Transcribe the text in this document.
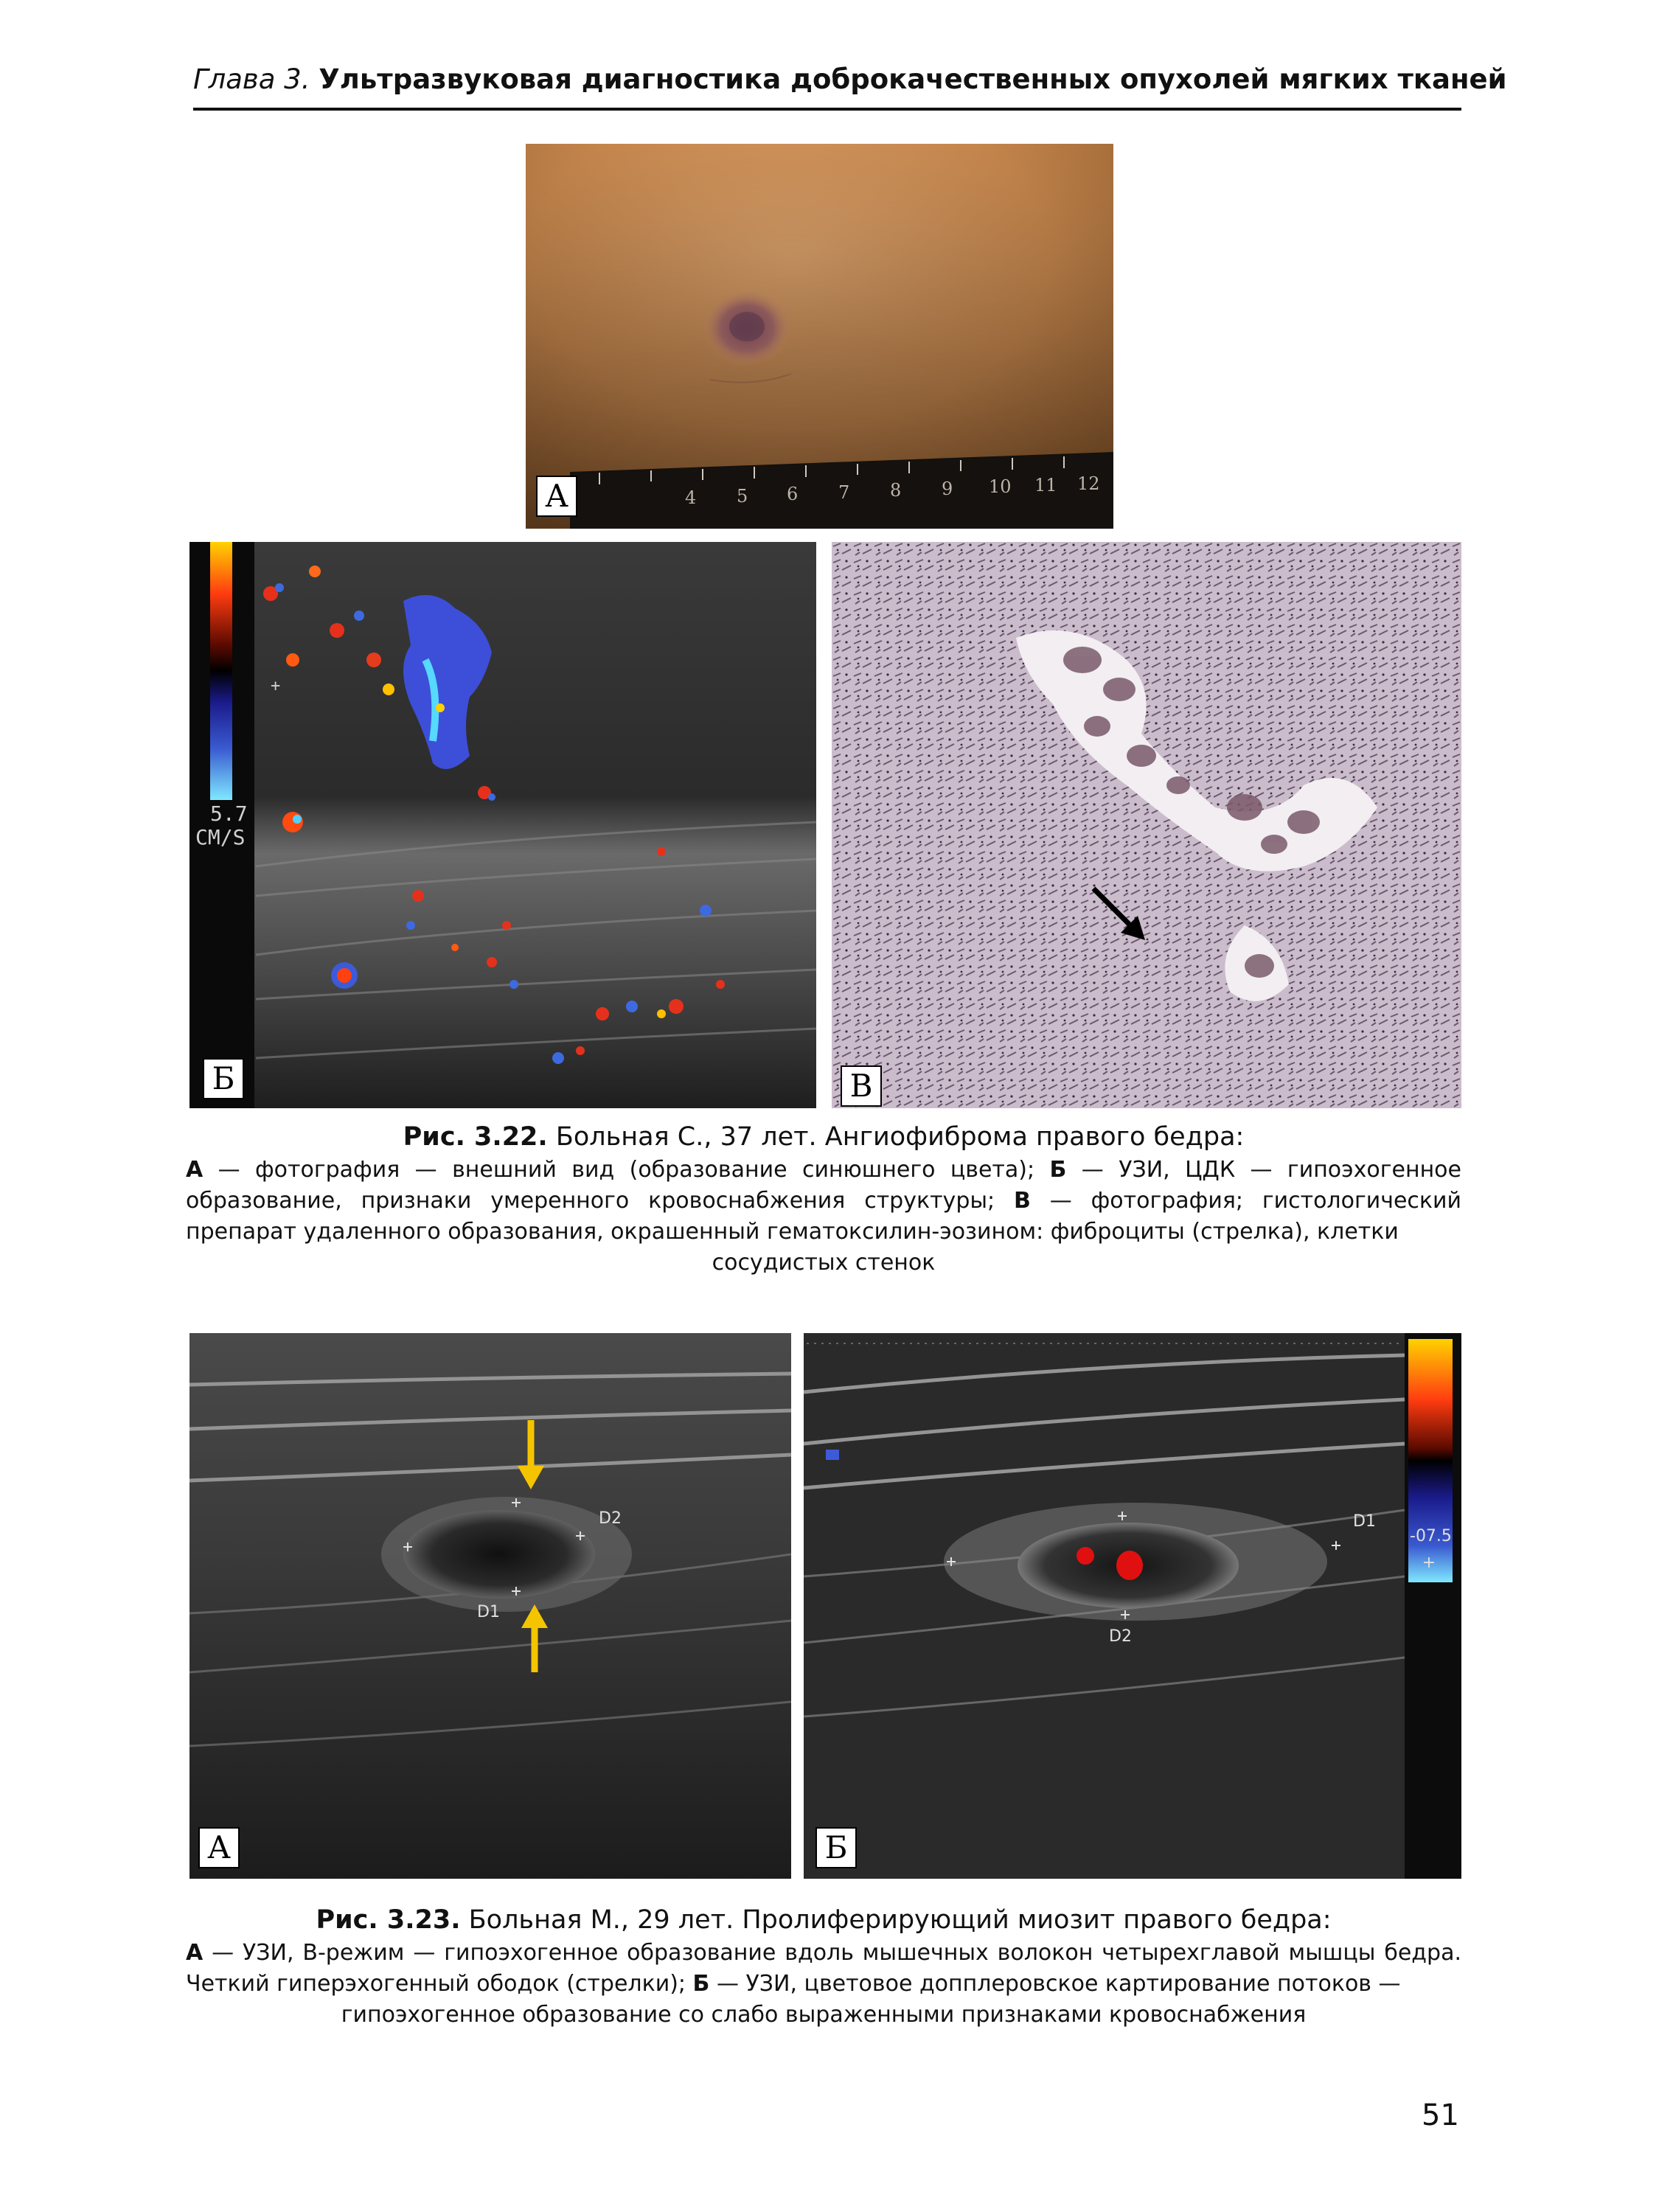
Глава 3. Ультразвуковая диагностика доброкачественных опухолей мягких тканей
4 5 6 7 8 9 10 11 12
А
5.7
CM/S
+
Б	В
Рис. 3.22. Больная С., 37 лет. Ангиофиброма правого бедра:
А — фотография — внешний вид (образование синюшнего цвета); Б — УЗИ, ЦДК — гипоэхогенное образование, признаки умеренного кровоснабжения структуры; В — фотография; гистологический препарат удаленного образования, окрашенный гематоксилин-эозином: фиброциты (стрелка), клетки
сосудистых стенок
D2
D1
А
+
-07.5
D1
D2
Б
Рис. 3.23. Больная М., 29 лет. Пролиферирующий миозит правого бедра:
А — УЗИ, B-режим — гипоэхогенное образование вдоль мышечных волокон четырехглавой мышцы бедра. Четкий гиперэхогенный ободок (стрелки); Б — УЗИ, цветовое допплеровское картирование потоков —
гипоэхогенное образование со слабо выраженными признаками кровоснабжения
51
